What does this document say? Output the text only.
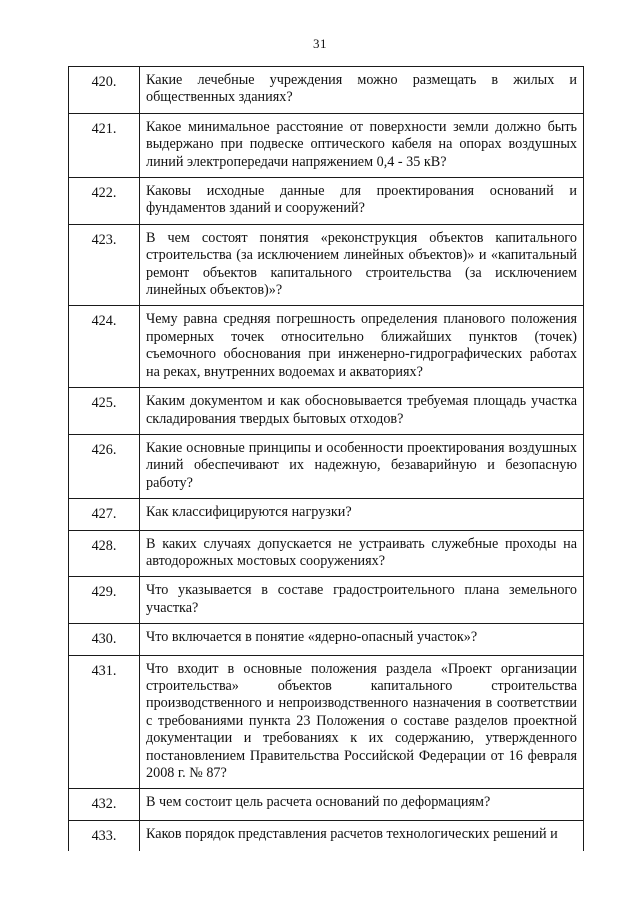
31
420.	Какие лечебные учреждения можно размещать в жилых и общественных зданиях?
421.	Какое минимальное расстояние от поверхности земли должно быть выдержано при подвеске оптического кабеля на опорах воздушных линий электропередачи напряжением 0,4 - 35 кВ?
422.	Каковы исходные данные для проектирования оснований и фундаментов зданий и сооружений?
423.	В чем состоят понятия «реконструкция объектов капитального строительства (за исключением линейных объектов)» и «капитальный ремонт объектов капитального строительства (за исключением линейных объектов)»?
424.	Чему равна средняя погрешность определения планового положения промерных точек относительно ближайших пунктов (точек) съемочного обоснования при инженерно-гидрографических работах на реках, внутренних водоемах и акваториях?
425.	Каким документом и как обосновывается требуемая площадь участка складирования твердых бытовых отходов?
426.	Какие основные принципы и особенности проектирования воздушных линий обеспечивают их надежную, безаварийную и безопасную работу?
427.	Как классифицируются нагрузки?
428.	В каких случаях допускается не устраивать служебные проходы на автодорожных мостовых сооружениях?
429.	Что указывается в составе градостроительного плана земельного участка?
430.	Что включается в понятие «ядерно-опасный участок»?
431.	Что входит в основные положения раздела «Проект организации строительства» объектов капитального строительства производственного и непроизводственного назначения в соответствии с требованиями пункта 23 Положения о составе разделов проектной документации и требованиях к их содержанию, утвержденного постановлением Правительства Российской Федерации от 16 февраля 2008 г. № 87?
432.	В чем состоит цель расчета оснований по деформациям?
433.	Каков порядок представления расчетов технологических решений и
